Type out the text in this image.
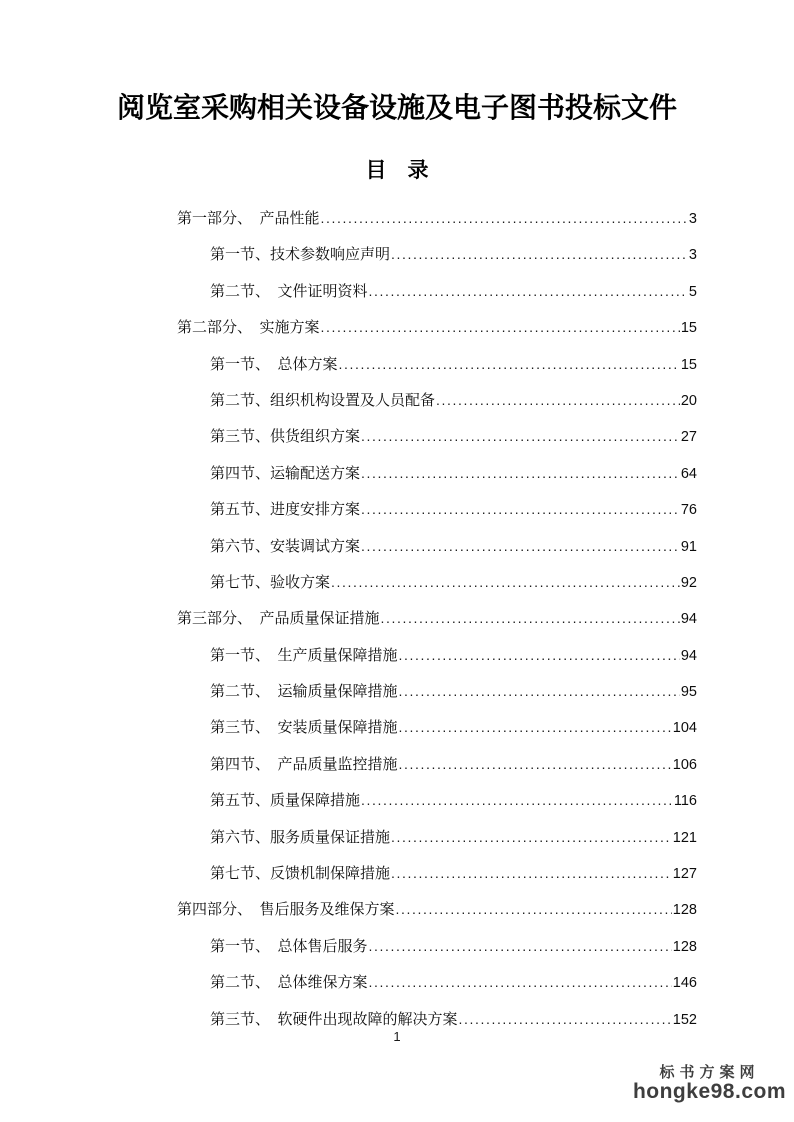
阅览室采购相关设备设施及电子图书投标文件
目　录
第一部分、　产品性能 .....	3
第一节、技术参数响应声明 .....	3
第二节、　文件证明资料 .....	5
第二部分、　实施方案 .....	15
第一节、　总体方案 .....	15
第二节、组织机构设置及人员配备 .....	20
第三节、供货组织方案 .....	27
第四节、运输配送方案 .....	64
第五节、进度安排方案 .....	76
第六节、安装调试方案 .....	91
第七节、验收方案 .....	92
第三部分、　产品质量保证措施 .....	94
第一节、　生产质量保障措施 .....	94
第二节、　运输质量保障措施 .....	95
第三节、　安装质量保障措施 .....	104
第四节、　产品质量监控措施 .....	106
第五节、质量保障措施 .....	116
第六节、服务质量保证措施 .....	121
第七节、反馈机制保障措施 .....	127
第四部分、　售后服务及维保方案 .....	128
第一节、　总体售后服务 .....	128
第二节、　总体维保方案 .....	146
第三节、　软硬件出现故障的解决方案 .....	152
1
标书方案网
hongke98.com
